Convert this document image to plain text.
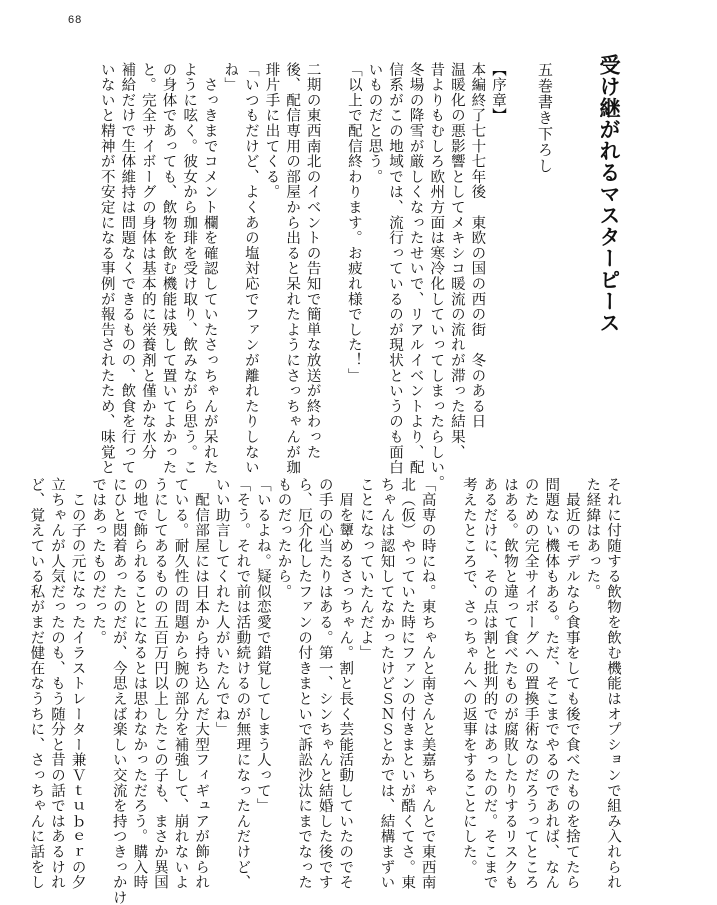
68
受け継がれるマスターピース
五巻書き下ろし
【序章】
本編終了七十七年後　東欧の国の西の街　冬のある日
温暖化の悪影響としてメキシコ暖流の流れが滞った結果、
昔よりもむしろ欧州方面は寒冷化していってしまったらしい。
冬場の降雪が厳しくなったせいで、リアルイベントより、配
信系がこの地域では、流行っているのが現状というのも面白
いものだと思う。
「以上で配信終わります。お疲れ様でした！」

二期の東西南北のイベントの告知で簡単な放送が終わった
後、配信専用の部屋から出ると呆れたようにさっちゃんが珈
琲片手に出てくる。
「いつもだけど、よくあの塩対応でファンが離れたりしない
ね」
　さっきまでコメント欄を確認していたさっちゃんが呆れた
ように呟く。彼女から珈琲を受け取り、飲みながら思う。こ
の身体であっても、飲物を飲む機能は残して置いてよかった
と。完全サイボーグの身体は基本的に栄養剤と僅かな水分
補給だけで生体維持は問題なくできるものの、飲食を行って
いないと精神が不安定になる事例が報告されたため、味覚と
それに付随する飲物を飲む機能はオプションで組み入れられ
た経緯はあった。
　最近のモデルなら食事をしても後で食べたものを捨てたら
問題ない機体もある。ただ、そこまでやるのであれば、なん
のための完全サイボーグへの置換手術なのだろうってところ
はある。飲物と違って食べたものが腐敗したりするリスクも
あるだけに、その点は割と批判的ではあったのだ。そこまで
考えたところで、さっちゃんへの返事をすることにした。

「高専の時にね。東ちゃんと南さんと美嘉ちゃんとで東西南
北（仮）やっていた時にファンの付きまといが酷くてさ。東
ちゃんは認知してなかったけどＳＮＳとかでは、結構まずい
ことになっていたんだよ」
　眉を顰めるさっちゃん。割と長く芸能活動していたのでそ
の手の心当たりはある。第一、シンちゃんと結婚した後です
ら、厄介化したファンの付きまといで訴訟沙汰にまでなった
ものだったから。
「いるよね。疑似恋愛で錯覚してしまう人って」
「そう。それで前は活動続けるのが無理になったんだけど、
いい助言してくれた人がいたんでね」
　配信部屋には日本から持ち込んだ大型フィギュアが飾られ
ている。耐久性の問題から腕の部分を補強して、崩れないよ
うにしてあるものの五百万円以上したこの子も、まさか異国
の地で飾られることになるとは思わなかっただろう。購入時
にひと悶着あったのだが、今思えば楽しい交流を持つきっかけ
ではあったものだった。
　この子の元になったイラストレーター兼Ｖｔｕｂｅｒの夕
立ちゃんが人気だったのも、もう随分と昔の話ではあるけれ
ど、覚えている私がまだ健在なうちに、さっちゃんに話をし
